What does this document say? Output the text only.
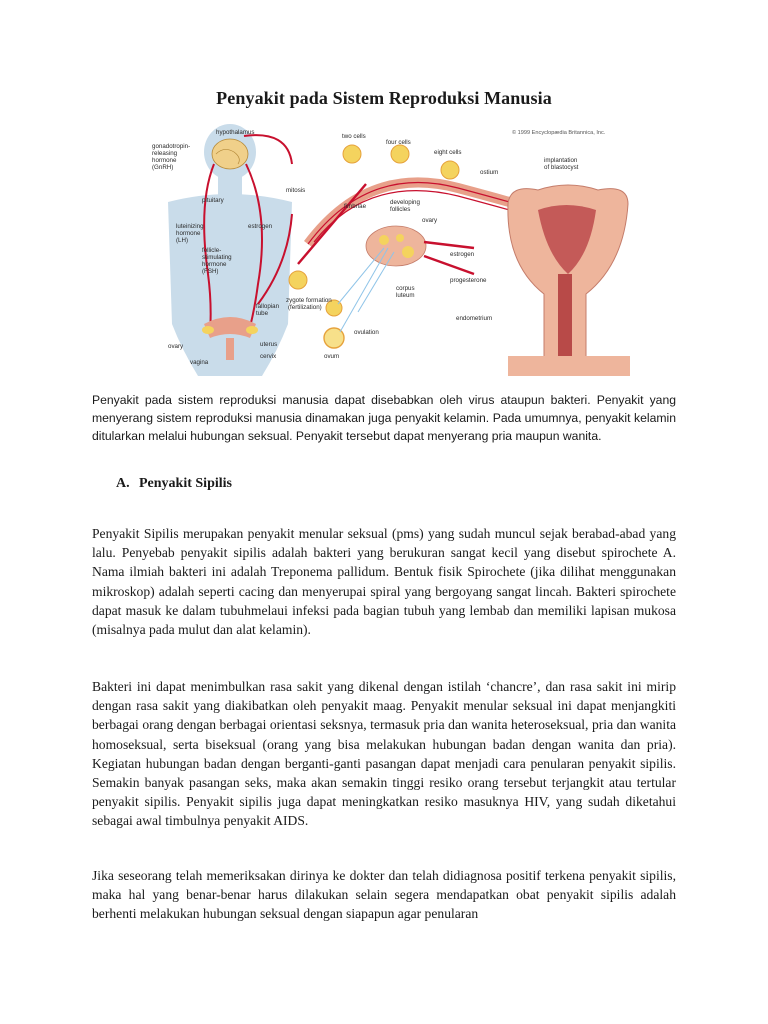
Penyakit pada Sistem Reproduksi Manusia
© 1999 Encyclopædia Britannica, Inc.
hypothalamus
gonadotropin-
releasing
hormone
(GnRH)
pituitary
luteinizing
hormone
(LH)
follicle-
stimulating
hormone
(FSH)
estrogen
ovary
vagina
uterus
cervix
fallopian
tube
mitosis
two cells
four cells
eight cells
ostium
implantation
of blastocyst
fimbriae
developing
follicles
ovary
zygote formation
(fertilization)
estrogen
progesterone
corpus
luteum
ovulation
ovum
endometrium

Penyakit pada sistem reproduksi manusia dapat disebabkan oleh virus ataupun bakteri. Penyakit yang menyerang sistem reproduksi manusia dinamakan juga penyakit kelamin. Pada umumnya, penyakit kelamin ditularkan melalui hubungan seksual. Penyakit tersebut dapat menyerang pria maupun wanita.

A. Penyakit Sipilis

Penyakit Sipilis merupakan penyakit menular seksual (pms) yang sudah muncul sejak berabad-abad yang lalu. Penyebab penyakit sipilis adalah bakteri yang berukuran sangat kecil yang disebut spirochete A. Nama ilmiah bakteri ini adalah Treponema pallidum. Bentuk fisik Spirochete (jika dilihat menggunakan mikroskop) adalah seperti cacing dan menyerupai spiral yang bergoyang sangat lincah. Bakteri spirochete dapat masuk ke dalam tubuhmelaui infeksi pada bagian tubuh yang lembab dan memiliki lapisan mukosa (misalnya pada mulut dan alat kelamin).

Bakteri ini dapat menimbulkan rasa sakit yang dikenal dengan istilah ‘chancre’, dan rasa sakit ini mirip dengan rasa sakit yang diakibatkan oleh penyakit maag. Penyakit menular seksual ini dapat menjangkiti berbagai orang dengan berbagai orientasi seksnya, termasuk pria dan wanita heteroseksual, pria dan wanita homoseksual, serta biseksual (orang yang bisa melakukan hubungan badan dengan wanita dan pria). Kegiatan hubungan badan dengan berganti-ganti pasangan dapat menjadi cara penularan penyakit sipilis. Semakin banyak pasangan seks, maka akan semakin tinggi resiko orang tersebut terjangkit atau tertular penyakit sipilis. Penyakit sipilis juga dapat meningkatkan resiko masuknya HIV, yang sudah diketahui sebagai awal timbulnya penyakit AIDS.

Jika seseorang telah memeriksakan dirinya ke dokter dan telah didiagnosa positif terkena penyakit sipilis, maka hal yang benar-benar harus dilakukan selain segera mendapatkan obat penyakit sipilis adalah berhenti melakukan hubungan seksual dengan siapapun agar penularan
